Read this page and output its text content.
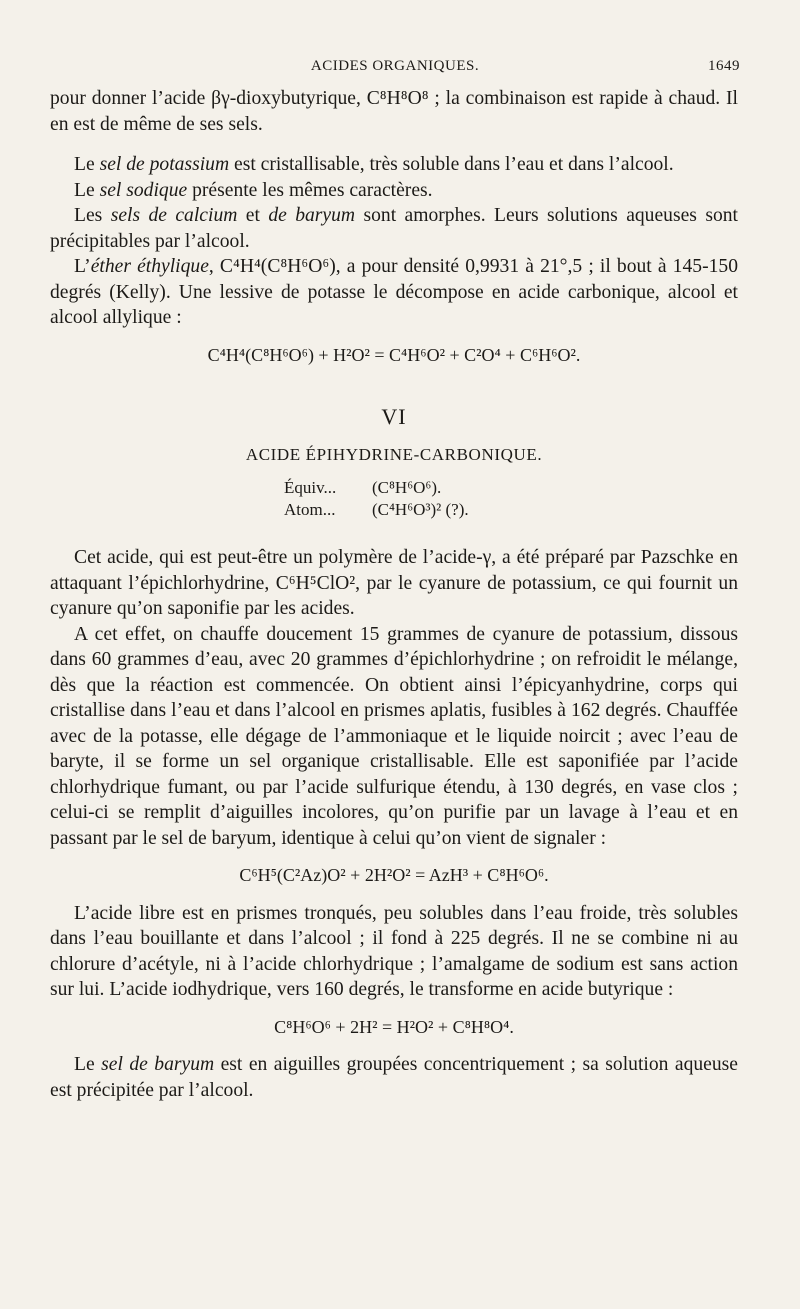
ACIDES ORGANIQUES.	1649

pour donner l’acide βγ-dioxybutyrique, C⁸H⁸O⁸ ; la combinaison est rapide à chaud. Il en est de même de ses sels.

Le sel de potassium est cristallisable, très soluble dans l’eau et dans l’alcool.

Le sel sodique présente les mêmes caractères.

Les sels de calcium et de baryum sont amorphes. Leurs solutions aqueuses sont précipitables par l’alcool.

L’éther éthylique, C⁴H⁴(C⁸H⁶O⁶), a pour densité 0,9931 à 21°,5 ; il bout à 145-150 degrés (Kelly). Une lessive de potasse le décompose en acide carbonique, alcool et alcool allylique :

C⁴H⁴(C⁸H⁶O⁶) + H²O² = C⁴H⁶O² + C²O⁴ + C⁶H⁶O².
VI
ACIDE ÉPIHYDRINE-CARBONIQUE.
Équiv...	(C⁸H⁶O⁶).
Atom...	(C⁴H⁶O³)² (?).

Cet acide, qui est peut-être un polymère de l’acide-γ, a été préparé par Pazschke en attaquant l’épichlorhydrine, C⁶H⁵ClO², par le cyanure de potassium, ce qui fournit un cyanure qu’on saponifie par les acides.

A cet effet, on chauffe doucement 15 grammes de cyanure de potassium, dissous dans 60 grammes d’eau, avec 20 grammes d’épichlorhydrine ; on refroidit le mélange, dès que la réaction est commencée. On obtient ainsi l’épicyanhydrine, corps qui cristallise dans l’eau et dans l’alcool en prismes aplatis, fusibles à 162 degrés. Chauffée avec de la potasse, elle dégage de l’ammoniaque et le liquide noircit ; avec l’eau de baryte, il se forme un sel organique cristallisable. Elle est saponifiée par l’acide chlorhydrique fumant, ou par l’acide sulfurique étendu, à 130 degrés, en vase clos ; celui-ci se remplit d’aiguilles incolores, qu’on purifie par un lavage à l’eau et en passant par le sel de baryum, identique à celui qu’on vient de signaler :

C⁶H⁵(C²Az)O² + 2H²O² = AzH³ + C⁸H⁶O⁶.

L’acide libre est en prismes tronqués, peu solubles dans l’eau froide, très solubles dans l’eau bouillante et dans l’alcool ; il fond à 225 degrés. Il ne se combine ni au chlorure d’acétyle, ni à l’acide chlorhydrique ; l’amalgame de sodium est sans action sur lui. L’acide iodhydrique, vers 160 degrés, le transforme en acide butyrique :

C⁸H⁶O⁶ + 2H² = H²O² + C⁸H⁸O⁴.

Le sel de baryum est en aiguilles groupées concentriquement ; sa solution aqueuse est précipitée par l’alcool.
